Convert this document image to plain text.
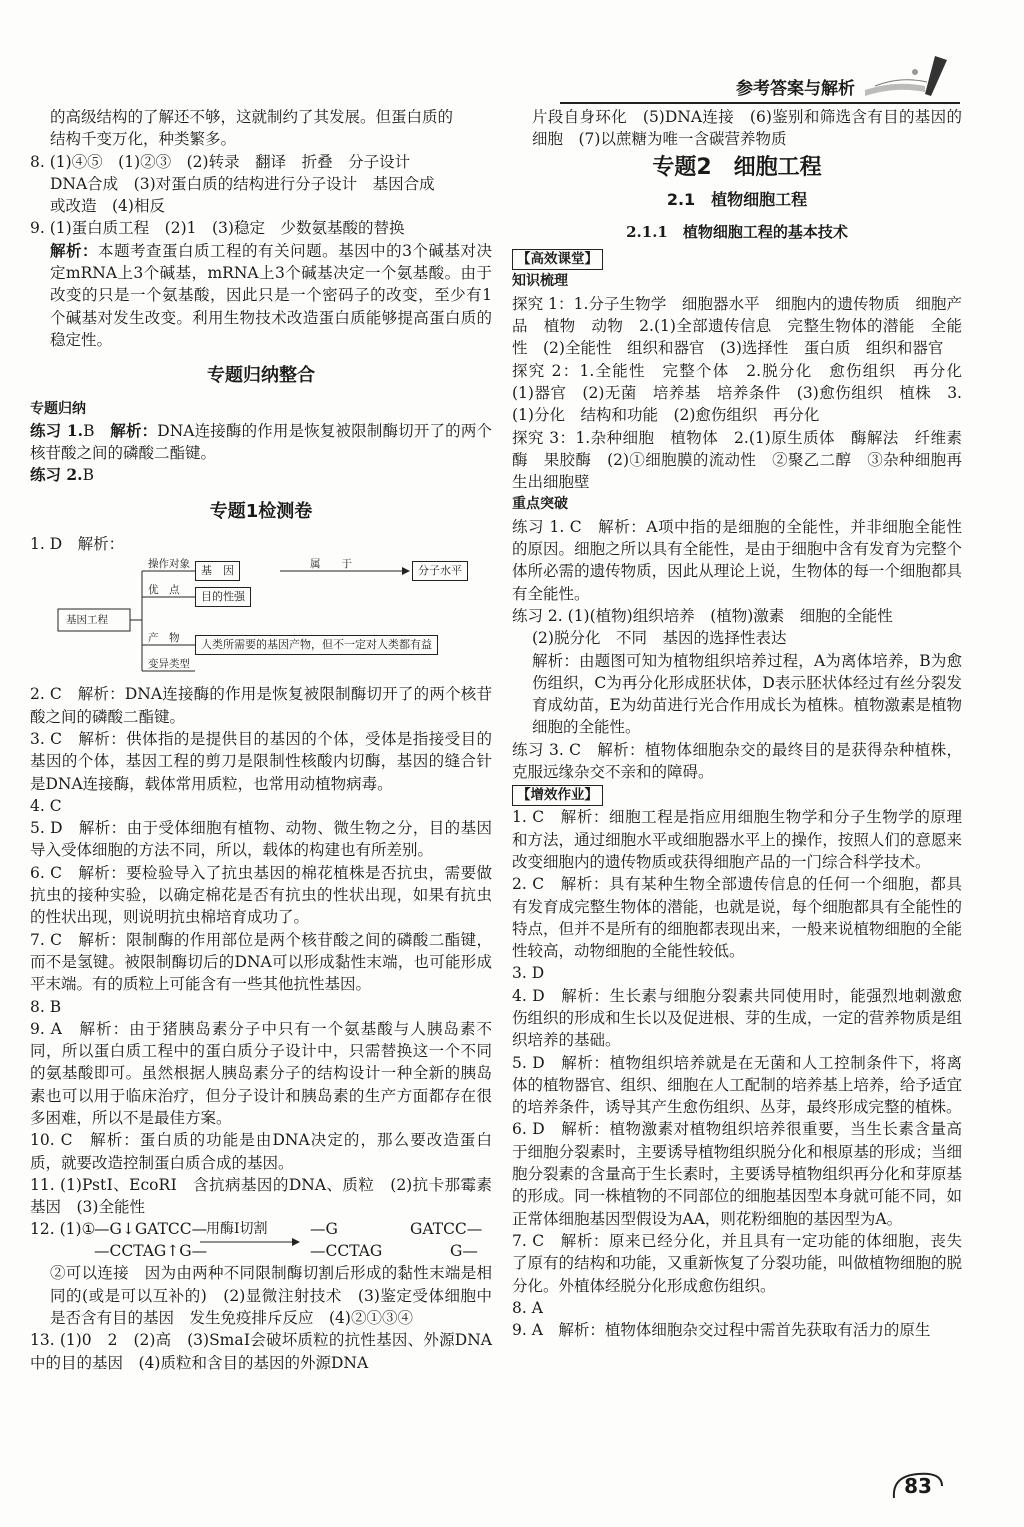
参考答案与解析

的高级结构的了解还不够，这就制约了其发展。但蛋白质的

结构千变万化，种类繁多。

8. (1)④⑤　(1)②③　(2)转录　翻译　折叠　分子设计

DNA合成　(3)对蛋白质的结构进行分子设计　基因合成

或改造　(4)相反

9. (1)蛋白质工程　(2)1　(3)稳定　少数氨基酸的替换

解析：本题考查蛋白质工程的有关问题。基因中的3个碱基对决定mRNA上3个碱基，mRNA上3个碱基决定一个氨基酸。由于改变的只是一个氨基酸，因此只是一个密码子的改变，至少有1个碱基对发生改变。利用生物技术改造蛋白质能够提高蛋白质的稳定性。

专题归纳整合

专题归纳

练习 1.B　 解析：DNA连接酶的作用是恢复被限制酶切开了的两个核苷酸之间的磷酸二酯键。

练习 2.B

专题1检测卷

1. D　解析：

基因工程
操作对象
优　点
产　物
变异类型
基　因	属　　于	分子水平
目的性强
人类所需要的基因产物，但不一定对人类都有益

2. C　解析：DNA连接酶的作用是恢复被限制酶切开了的两个核苷酸之间的磷酸二酯键。

3. C　解析：供体指的是提供目的基因的个体，受体是指接受目的基因的个体，基因工程的剪刀是限制性核酸内切酶，基因的缝合针是DNA连接酶，载体常用质粒，也常用动植物病毒。

4. C

5. D　解析：由于受体细胞有植物、动物、微生物之分，目的基因导入受体细胞的方法不同，所以，载体的构建也有所差别。

6. C　解析：要检验导入了抗虫基因的棉花植株是否抗虫，需要做抗虫的接种实验，以确定棉花是否有抗虫的性状出现，如果有抗虫的性状出现，则说明抗虫棉培育成功了。

7. C　解析：限制酶的作用部位是两个核苷酸之间的磷酸二酯键，而不是氢键。被限制酶切后的DNA可以形成黏性末端，也可能形成平末端。有的质粒上可能含有一些其他抗性基因。

8. B

9. A　解析：由于猪胰岛素分子中只有一个氨基酸与人胰岛素不同，所以蛋白质工程中的蛋白质分子设计中，只需替换这一个不同的氨基酸即可。虽然根据人胰岛素分子的结构设计一种全新的胰岛素也可以用于临床治疗，但分子设计和胰岛素的生产方面都存在很多困难，所以不是最佳方案。

10. C　解析：蛋白质的功能是由DNA决定的，那么要改造蛋白质，就要改造控制蛋白质合成的基因。

11. (1)PstⅠ、EcoRⅠ　含抗病基因的DNA、质粒　(2)抗卡那霉素基因　(3)全能性

12. (1)①
—G↓GATCC—
—CCTAG↑G—
用酶Ⅰ切割	—G	GATCC—
—CCTAG	G—

②可以连接　因为由两种不同限制酶切割后形成的黏性末端是相同的(或是可以互补的)　(2)显微注射技术　(3)鉴定受体细胞中是否含有目的基因　发生免疫排斥反应　(4)②①③④

13. (1)0　2　(2)高　(3)SmaⅠ会破坏质粒的抗性基因、外源DNA中的目的基因　(4)质粒和含目的基因的外源DNA

片段自身环化　(5)DNA连接　(6)鉴别和筛选含有目的基因的细胞　(7)以蔗糖为唯一含碳营养物质

专题2　细胞工程
2.1　植物细胞工程
2.1.1　植物细胞工程的基本技术

【高效课堂】

知识梳理

探究 1：1.分子生物学　细胞器水平　细胞内的遗传物质　细胞产品　植物　动物　2.(1)全部遗传信息　完整生物体的潜能　全能性　(2)全能性　组织和器官　(3)选择性　蛋白质　组织和器官

探究 2：1.全能性　完整个体　2.脱分化　愈伤组织　再分化　(1)器官　(2)无菌　培养基　培养条件　(3)愈伤组织　植株　3.(1)分化　结构和功能　(2)愈伤组织　再分化

探究 3：1.杂种细胞　植物体　2.(1)原生质体　酶解法　纤维素酶　果胶酶　(2)①细胞膜的流动性　②聚乙二醇　③杂种细胞再生出细胞壁

重点突破

练习 1. C　解析：A项中指的是细胞的全能性，并非细胞全能性的原因。细胞之所以具有全能性，是由于细胞中含有发育为完整个体所必需的遗传物质，因此从理论上说，生物体的每一个细胞都具有全能性。

练习 2. (1)(植物)组织培养　(植物)激素　细胞的全能性

(2)脱分化　不同　基因的选择性表达

解析：由题图可知为植物组织培养过程，A为离体培养，B为愈伤组织，C为再分化形成胚状体，D表示胚状体经过有丝分裂发育成幼苗，E为幼苗进行光合作用成长为植株。植物激素是植物细胞的全能性。

练习 3. C　解析：植物体细胞杂交的最终目的是获得杂种植株，克服远缘杂交不亲和的障碍。

【增效作业】

1. C　解析：细胞工程是指应用细胞生物学和分子生物学的原理和方法，通过细胞水平或细胞器水平上的操作，按照人们的意愿来改变细胞内的遗传物质或获得细胞产品的一门综合科学技术。

2. C　解析：具有某种生物全部遗传信息的任何一个细胞，都具有发育成完整生物体的潜能，也就是说，每个细胞都具有全能性的特点，但并不是所有的细胞都表现出来，一般来说植物细胞的全能性较高，动物细胞的全能性较低。

3. D

4. D　解析：生长素与细胞分裂素共同使用时，能强烈地刺激愈伤组织的形成和生长以及促进根、芽的生成，一定的营养物质是组织培养的基础。

5. D　解析：植物组织培养就是在无菌和人工控制条件下，将离体的植物器官、组织、细胞在人工配制的培养基上培养，给予适宜的培养条件，诱导其产生愈伤组织、丛芽，最终形成完整的植株。

6. D　解析：植物激素对植物组织培养很重要，当生长素含量高于细胞分裂素时，主要诱导植物组织脱分化和根原基的形成；当细胞分裂素的含量高于生长素时，主要诱导植物组织再分化和芽原基的形成。同一株植物的不同部位的细胞基因型本身就可能不同，如正常体细胞基因型假设为AA，则花粉细胞的基因型为A。

7. C　解析：原来已经分化，并且具有一定功能的体细胞，丧失了原有的结构和功能，又重新恢复了分裂功能，叫做植物细胞的脱分化。外植体经脱分化形成愈伤组织。

8. A

9. A　解析：植物体细胞杂交过程中需首先获取有活力的原生

83
